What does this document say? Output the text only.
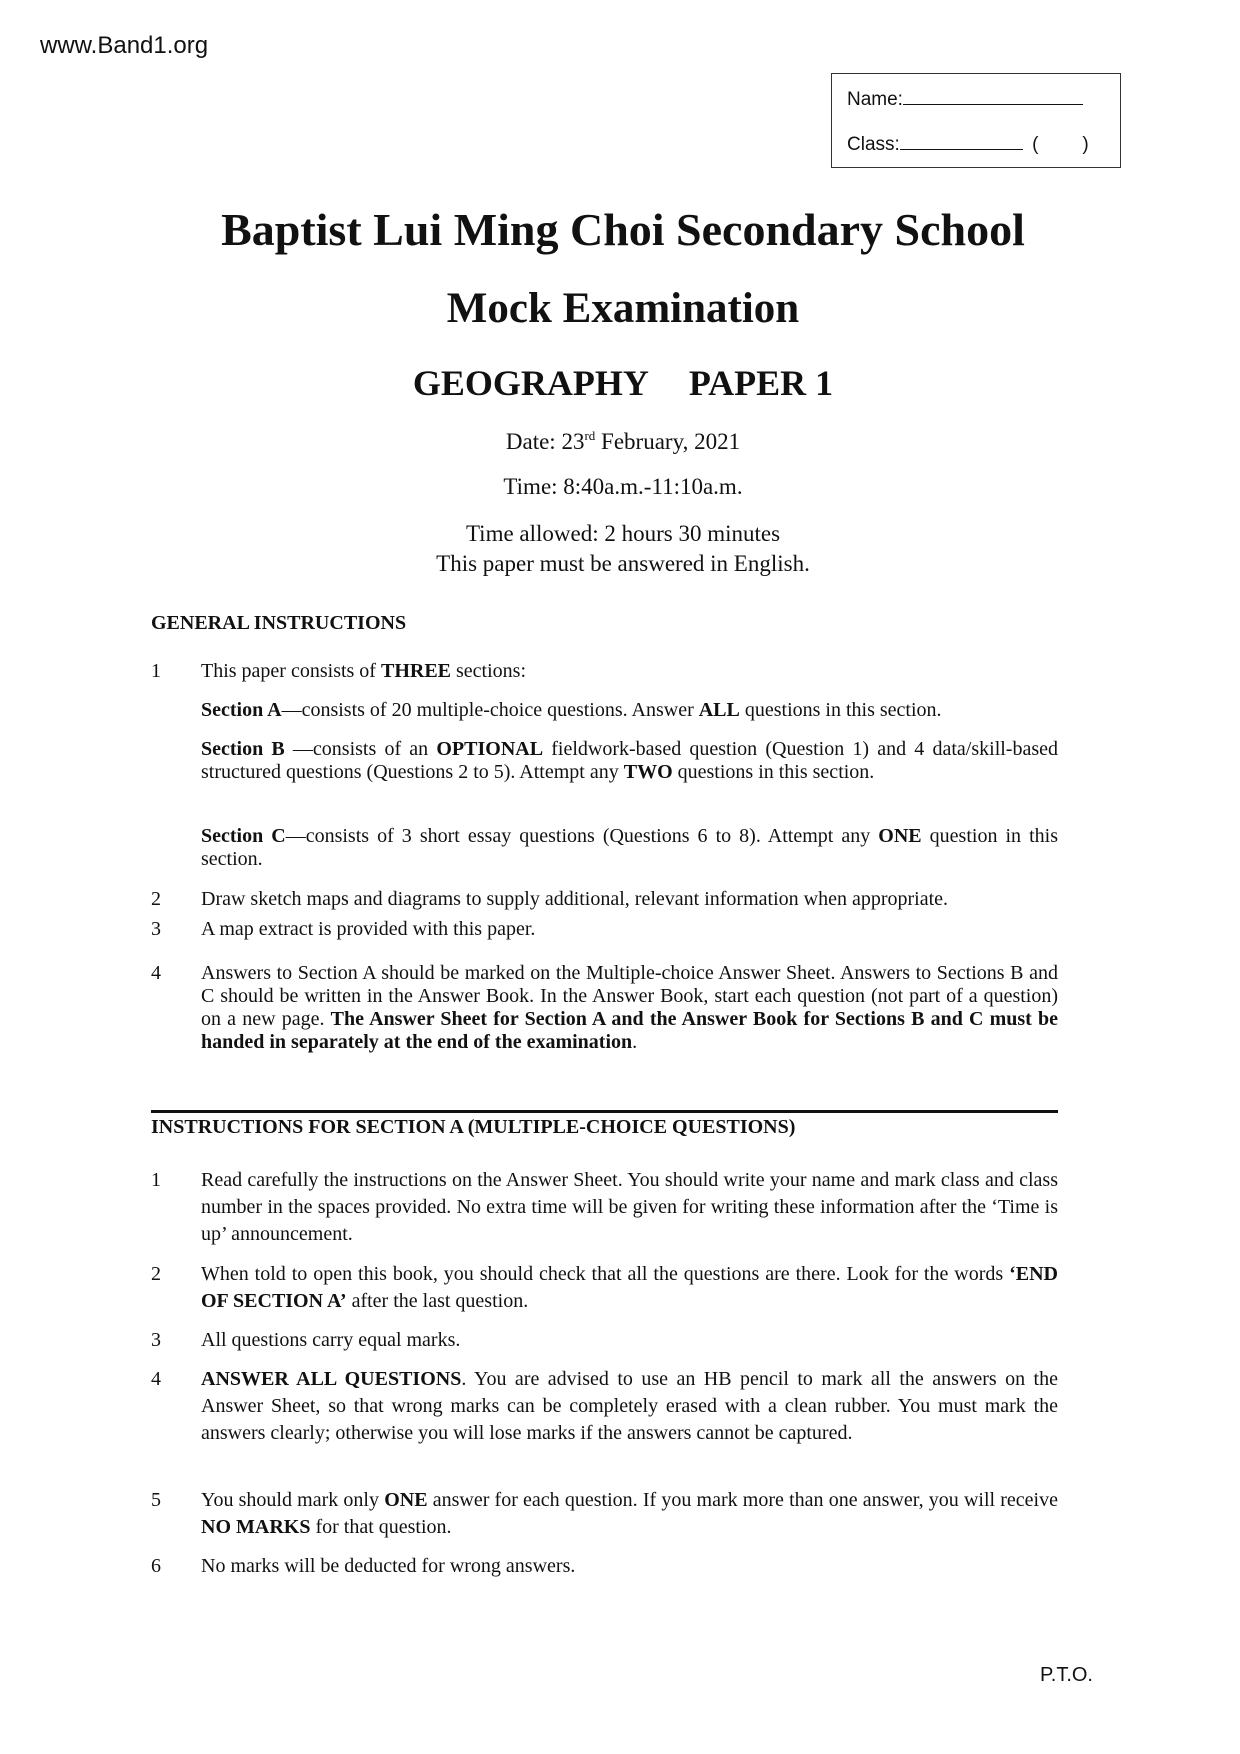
www.Band1.org
Name:
Class:	( )
Baptist Lui Ming Choi Secondary School
Mock Examination
GEOGRAPHY PAPER 1
Date: 23rd February, 2021
Time: 8:40a.m.-11:10a.m.
Time allowed: 2 hours 30 minutes
This paper must be answered in English.
GENERAL INSTRUCTIONS
1	This paper consists of THREE sections:
Section A—consists of 20 multiple-choice questions. Answer ALL questions in this section.
Section B —consists of an OPTIONAL fieldwork-based question (Question 1) and 4 data/skill-based structured questions (Questions 2 to 5). Attempt any TWO questions in this section.
Section C—consists of 3 short essay questions (Questions 6 to 8). Attempt any ONE question in this section.
2	Draw sketch maps and diagrams to supply additional, relevant information when appropriate.
3	A map extract is provided with this paper.
4	Answers to Section A should be marked on the Multiple-choice Answer Sheet. Answers to Sections B and C should be written in the Answer Book. In the Answer Book, start each question (not part of a question) on a new page. The Answer Sheet for Section A and the Answer Book for Sections B and C must be handed in separately at the end of the examination.
INSTRUCTIONS FOR SECTION A (MULTIPLE-CHOICE QUESTIONS)
1	Read carefully the instructions on the Answer Sheet. You should write your name and mark class and class number in the spaces provided. No extra time will be given for writing these information after the ‘Time is up’ announcement.
2	When told to open this book, you should check that all the questions are there. Look for the words ‘END OF SECTION A’ after the last question.
3	All questions carry equal marks.
4	ANSWER ALL QUESTIONS. You are advised to use an HB pencil to mark all the answers on the Answer Sheet, so that wrong marks can be completely erased with a clean rubber. You must mark the answers clearly; otherwise you will lose marks if the answers cannot be captured.
5	You should mark only ONE answer for each question. If you mark more than one answer, you will receive NO MARKS for that question.
6	No marks will be deducted for wrong answers.
P.T.O.
